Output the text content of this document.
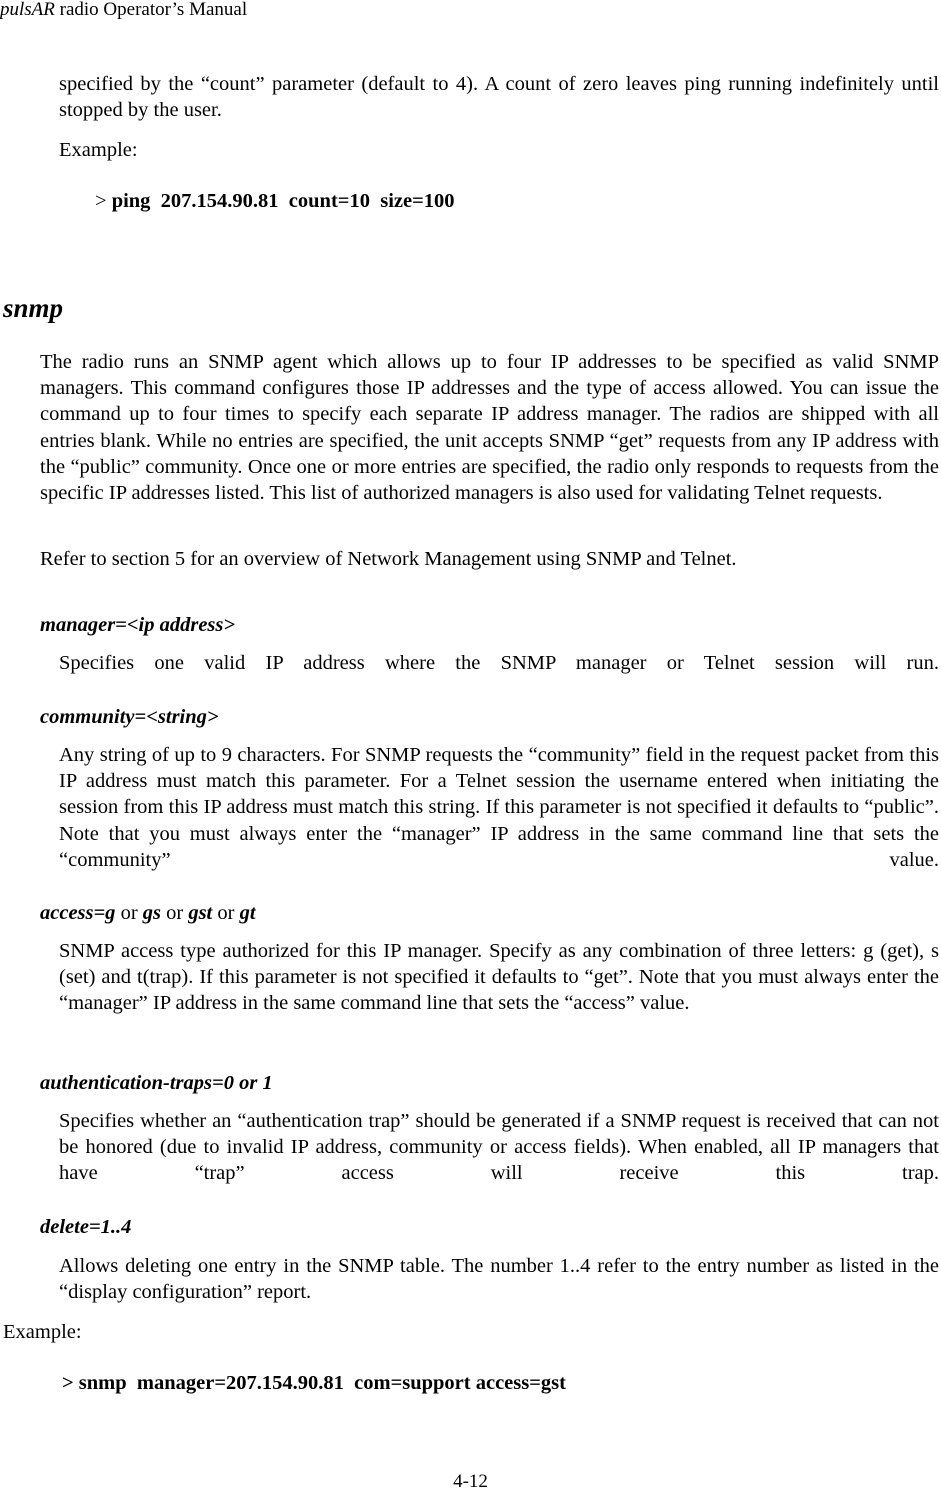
pulsAR radio Operator’s Manual
specified by the “count” parameter (default to 4). A count of zero leaves ping running indefinitely until stopped by the user.
Example:
> ping  207.154.90.81  count=10  size=100
snmp
The radio runs an SNMP agent which allows up to four IP addresses to be specified as valid SNMP managers. This command configures those IP addresses and the type of access allowed. You can issue the command up to four times to specify each separate IP address manager. The radios are shipped with all entries blank. While no entries are specified, the unit accepts SNMP “get” requests from any IP address with the “public” community. Once one or more entries are specified, the radio only responds to requests from the specific IP addresses listed. This list of authorized managers is also used for validating Telnet requests.
Refer to section 5 for an overview of Network Management using SNMP and Telnet.
manager=<ip address>
Specifies one valid IP address where the SNMP manager or Telnet session will run.
community=<string>
Any string of up to 9 characters. For SNMP requests the “community” field in the request packet from this IP address must match this parameter. For a Telnet session the username entered when initiating the session from this IP address must match this string. If this parameter is not specified it defaults to “public”. Note that you must always enter the “manager” IP address in the same command line that sets the “community” value.
access=g or gs or gst or gt
SNMP access type authorized for this IP manager. Specify as any combination of three letters: g (get), s (set) and t(trap). If this parameter is not specified it defaults to “get”. Note that you must always enter the “manager” IP address in the same command line that sets the “access” value.
authentication-traps=0 or 1
Specifies whether an “authentication trap” should be generated if a SNMP request is received that can not be honored (due to invalid IP address, community or access fields). When enabled, all IP managers that have “trap” access will receive this trap.
delete=1..4
Allows deleting one entry in the SNMP table. The number 1..4 refer to the entry number as listed in the “display configuration” report.
Example:
> snmp  manager=207.154.90.81  com=support access=gst
4-12
